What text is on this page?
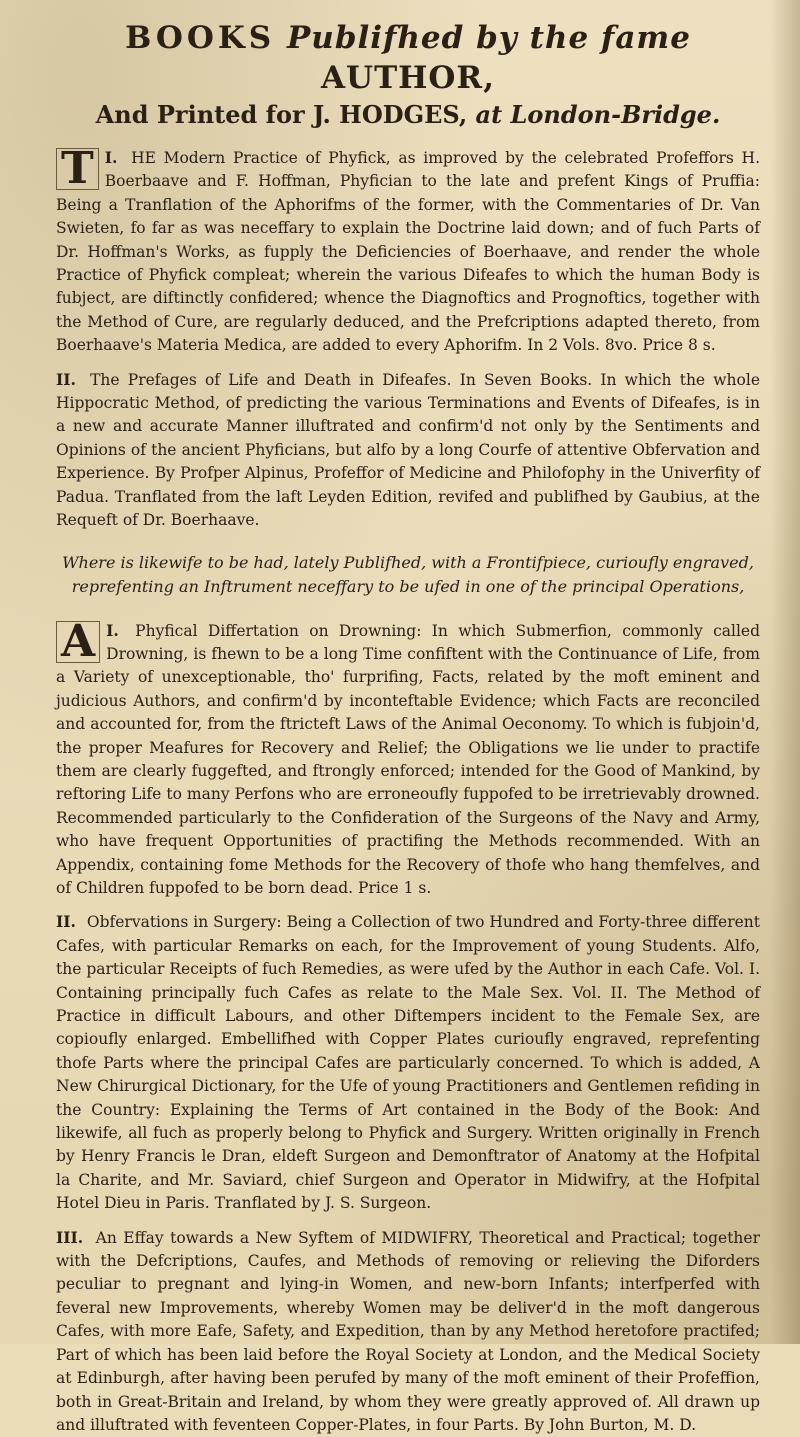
BOOKS Publifhed by the fame AUTHOR,
And Printed for J. HODGES, at London-Bridge.

I.
T	HE Modern Practice of Phyfick, as improved by the celebrated Profeffors H. Boerbaave and F. Hoffman, Phyfician to the late and prefent Kings of Pruffia: Being a Tranflation of the Aphorifms of the former, with the Commentaries of Dr. Van Swieten, fo far as was neceffary to explain the Doctrine laid down; and of fuch Parts of Dr. Hoffman's Works, as fupply the Deficiencies of Boerhaave, and render the whole Practice of Phyfick compleat; wherein the various Difeafes to which the human Body is fubject, are diftinctly confidered; whence the Diagnoftics and Prognoftics, together with the Method of Cure, are regularly deduced, and the Prefcriptions adapted thereto, from Boerhaave's Materia Medica, are added to every Aphorifm. In 2 Vols. 8vo. Price 8 s.

II. The Prefages of Life and Death in Difeafes. In Seven Books. In which the whole Hippocratic Method, of predicting the various Terminations and Events of Difeafes, is in a new and accurate Manner illuftrated and confirm'd not only by the Sentiments and Opinions of the ancient Phyficians, but alfo by a long Courfe of attentive Obfervation and Experience. By Profper Alpinus, Profeffor of Medicine and Philofophy in the Univerfity of Padua. Tranflated from the laft Leyden Edition, revifed and publifhed by Gaubius, at the Requeft of Dr. Boerhaave.

Where is likewife to be had, lately Publifhed, with a Frontifpiece, curioufly engraved, reprefenting an Inftrument neceffary to be ufed in one of the principal Operations,

I.
A	Phyfical Differtation on Drowning: In which Submerfion, commonly called Drowning, is fhewn to be a long Time confiftent with the Continuance of Life, from a Variety of unexceptionable, tho' furprifing, Facts, related by the moft eminent and judicious Authors, and confirm'd by inconteftable Evidence; which Facts are reconciled and accounted for, from the ftricteft Laws of the Animal Oeconomy. To which is fubjoin'd, the proper Meafures for Recovery and Relief; the Obligations we lie under to practife them are clearly fuggefted, and ftrongly enforced; intended for the Good of Mankind, by reftoring Life to many Perfons who are erroneoufly fuppofed to be irretrievably drowned. Recommended particularly to the Confideration of the Surgeons of the Navy and Army, who have frequent Opportunities of practifing the Methods recommended. With an Appendix, containing fome Methods for the Recovery of thofe who hang themfelves, and of Children fuppofed to be born dead. Price 1 s.

II. Obfervations in Surgery: Being a Collection of two Hundred and Forty-three different Cafes, with particular Remarks on each, for the Improvement of young Students. Alfo, the particular Receipts of fuch Remedies, as were ufed by the Author in each Cafe. Vol. I. Containing principally fuch Cafes as relate to the Male Sex. Vol. II. The Method of Practice in difficult Labours, and other Diftempers incident to the Female Sex, are copioufly enlarged. Embellifhed with Copper Plates curioufly engraved, reprefenting thofe Parts where the principal Cafes are particularly concerned. To which is added, A New Chirurgical Dictionary, for the Ufe of young Practitioners and Gentlemen refiding in the Country: Explaining the Terms of Art contained in the Body of the Book: And likewife, all fuch as properly belong to Phyfick and Surgery. Written originally in French by Henry Francis le Dran, eldeft Surgeon and Demonftrator of Anatomy at the Hofpital la Charite, and Mr. Saviard, chief Surgeon and Operator in Midwifry, at the Hofpital Hotel Dieu in Paris. Tranflated by J. S. Surgeon.

III. An Effay towards a New Syftem of MIDWIFRY, Theoretical and Practical; together with the Defcriptions, Caufes, and Methods of removing or relieving the Diforders peculiar to pregnant and lying-in Women, and new-born Infants; interfperfed with feveral new Improvements, whereby Women may be deliver'd in the moft dangerous Cafes, with more Eafe, Safety, and Expedition, than by any Method heretofore practifed; Part of which has been laid before the Royal Society at London, and the Medical Society at Edinburgh, after having been perufed by many of the moft eminent of their Profeffion, both in Great-Britain and Ireland, by whom they were greatly approved of. All drawn up and illuftrated with feventeen Copper-Plates, in four Parts. By John Burton, M. D.
